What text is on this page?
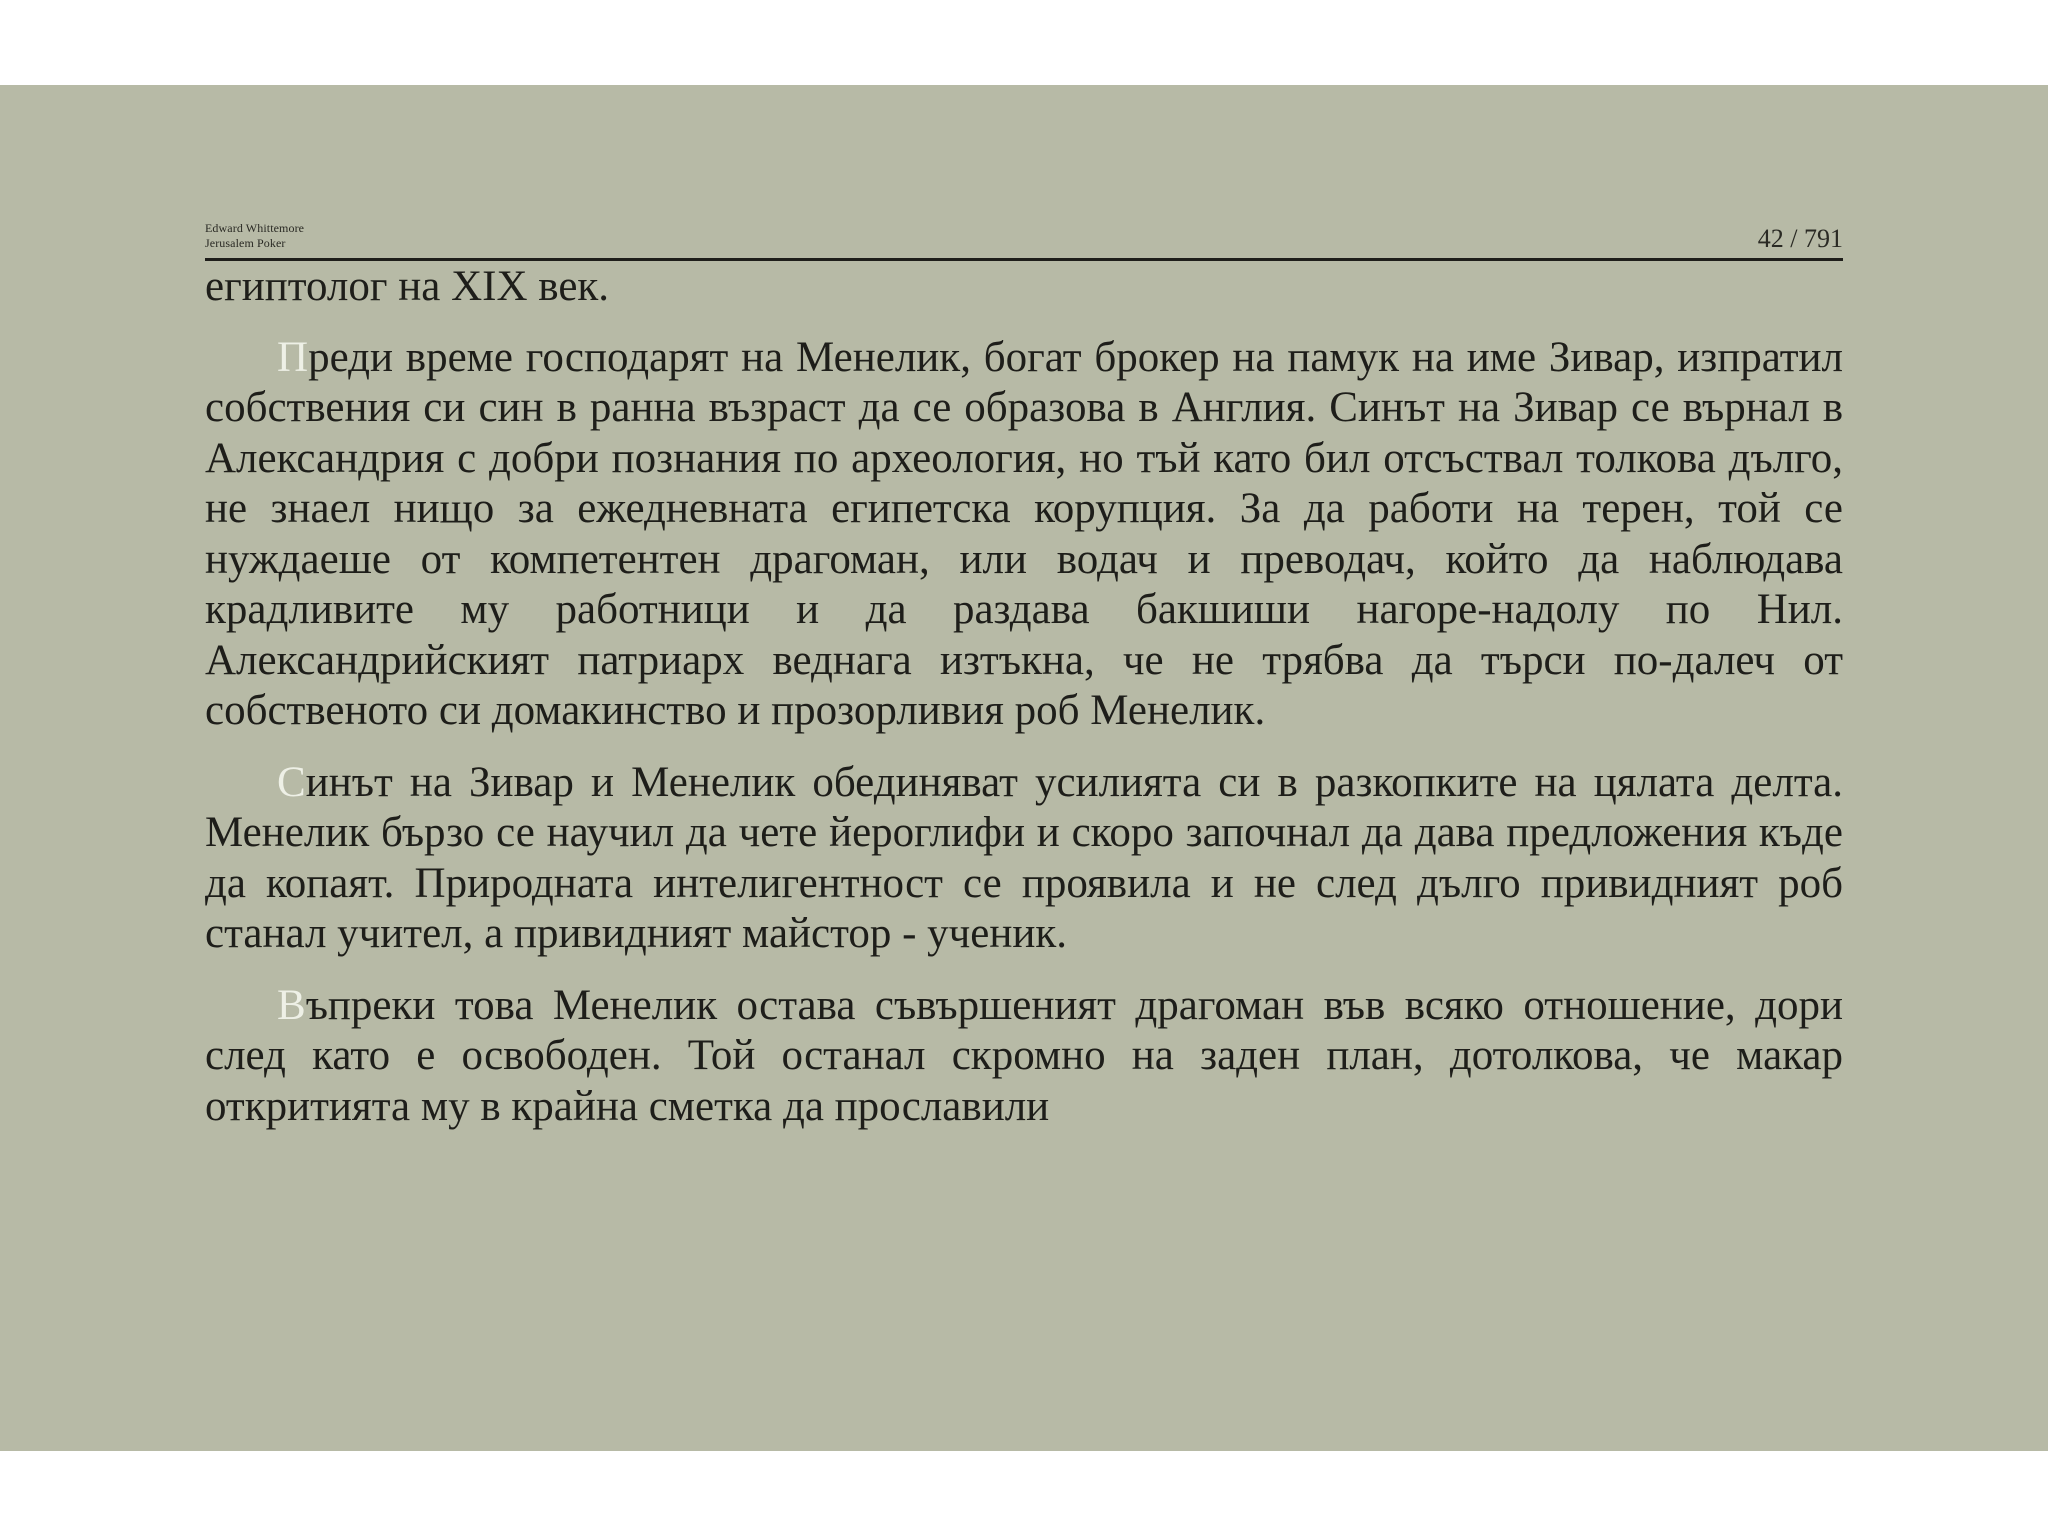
Edward Whittemore
Jerusalem Poker	42 / 791

египтолог на XIX век.

Преди време господарят на Менелик, богат брокер на памук на име Зивар, изпратил собствения си син в ранна възраст да се образова в Англия. Синът на Зивар се върнал в Александрия с добри познания по археология, но тъй като бил отсъствал толкова дълго, не знаел нищо за ежедневната египетска корупция. За да работи на терен, той се нуждаеше от компетентен драгоман, или водач и преводач, който да наблюдава крадливите му работници и да раздава бакшиши нагоре-надолу по Нил. Александрийският патриарх веднага изтъкна, че не трябва да търси по-далеч от собственото си домакинство и прозорливия роб Менелик.

Синът на Зивар и Менелик обединяват усилията си в разкопките на цялата делта. Менелик бързо се научил да чете йероглифи и скоро започнал да дава предложения къде да копаят. Природната интелигентност се проявила и не след дълго привидният роб станал учител, а привидният майстор - ученик.

Въпреки това Менелик остава съвършеният драгоман във всяко отношение, дори след като е освободен. Той останал скромно на заден план, дотолкова, че макар откритията му в крайна сметка да прославили
